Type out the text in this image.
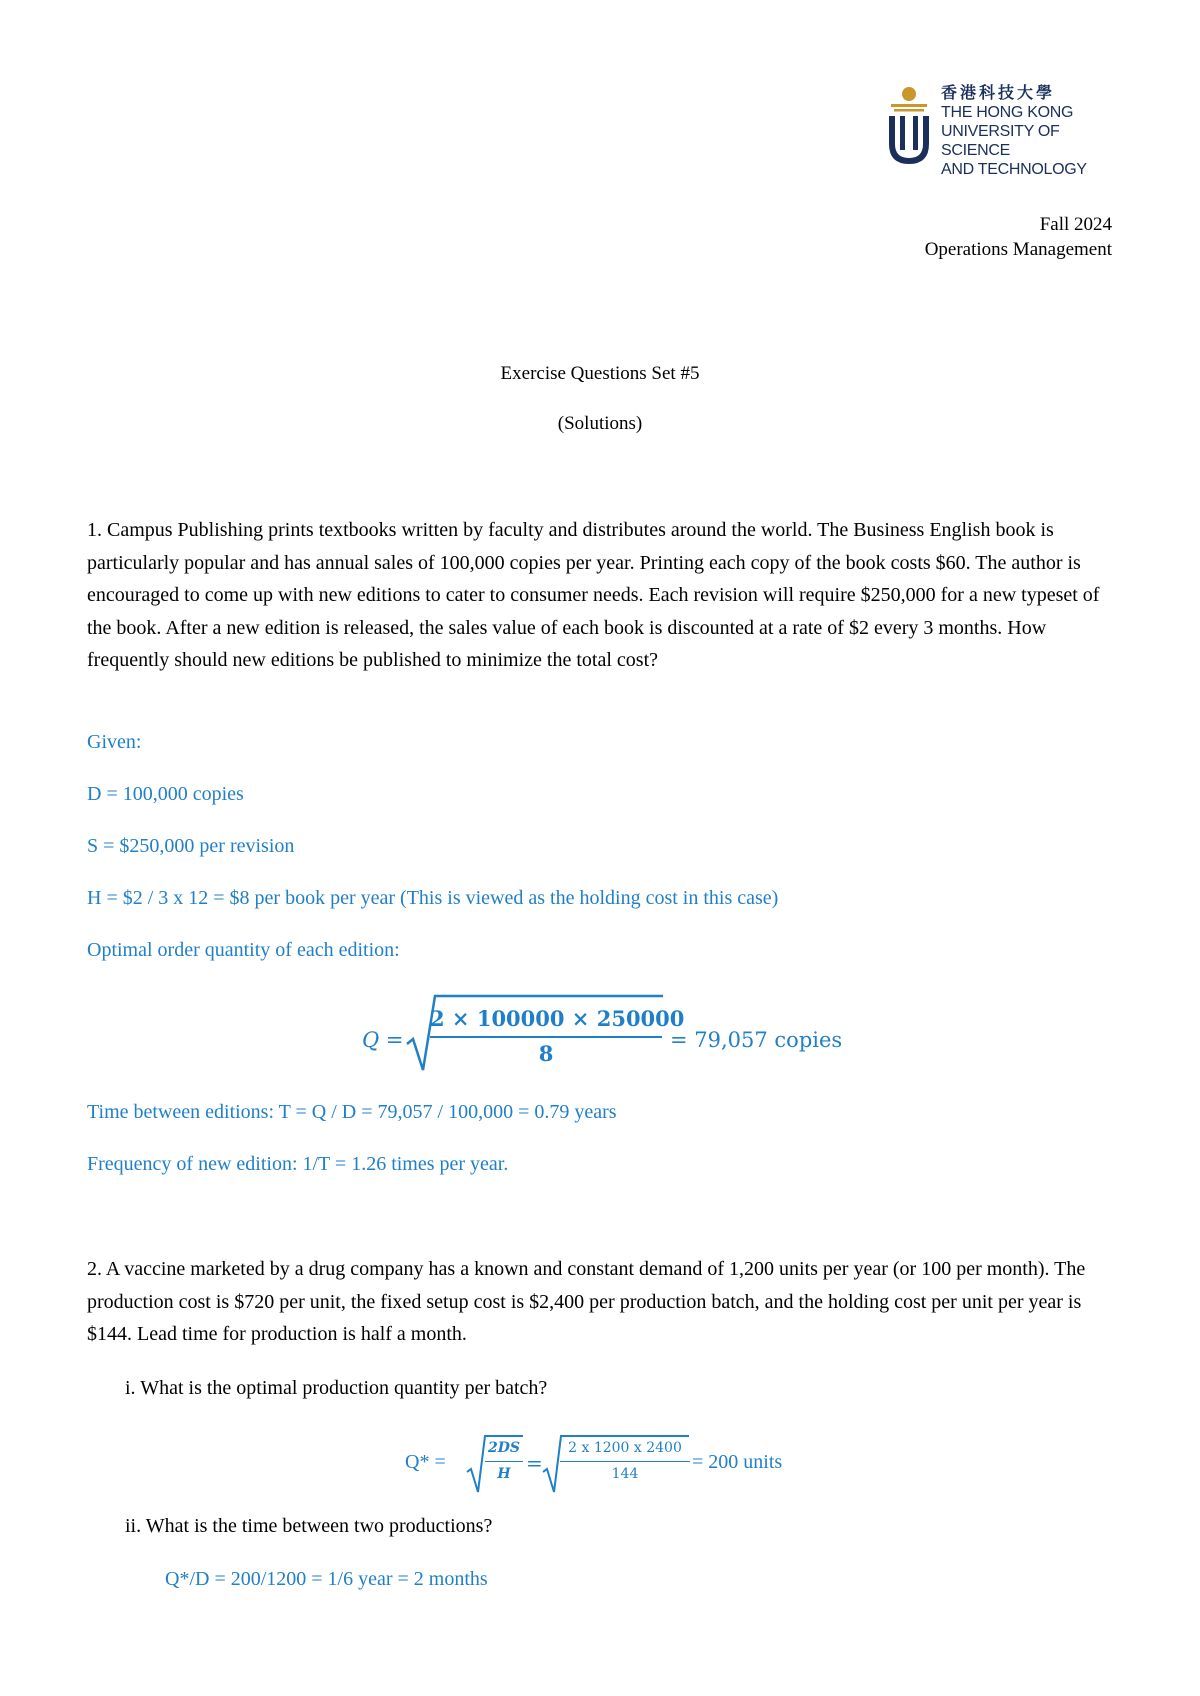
香港科技大學
THE HONG KONG
UNIVERSITY OF SCIENCE
AND TECHNOLOGY
Fall 2024
Operations Management
Exercise Questions Set #5
(Solutions)
1. Campus Publishing prints textbooks written by faculty and distributes around the world. The Business English book is particularly popular and has annual sales of 100,000 copies per year. Printing each copy of the book costs $60. The author is encouraged to come up with new editions to cater to consumer needs. Each revision will require $250,000 for a new typeset of the book. After a new edition is released, the sales value of each book is discounted at a rate of $2 every 3 months. How frequently should new editions be published to minimize the total cost?
Given:
D = 100,000 copies
S = $250,000 per revision
H = $2 / 3 x 12 = $8 per book per year (This is viewed as the holding cost in this case)
Optimal order quantity of each edition:
Q =
2 × 100000 × 250000
8
= 79,057 copies
Time between editions: T = Q / D = 79,057 / 100,000 = 0.79 years
Frequency of new edition: 1/T = 1.26 times per year.
2. A vaccine marketed by a drug company has a known and constant demand of 1,200 units per year (or 100 per month). The production cost is $720 per unit, the fixed setup cost is $2,400 per production batch, and the holding cost per unit per year is $144. Lead time for production is half a month.
i. What is the optimal production quantity per batch?
Q* =
2DS
H =
2 x 1200 x 2400
144
= 200 units
ii. What is the time between two productions?
Q*/D = 200/1200 = 1/6 year = 2 months
